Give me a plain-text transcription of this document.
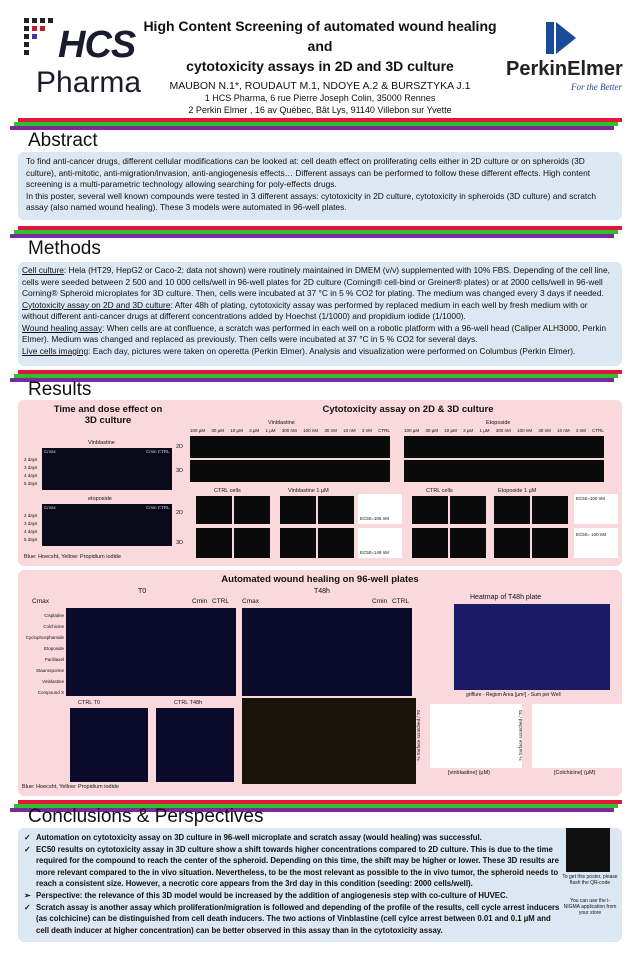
HCS
Pharma
High Content Screening of automated wound healing and
cytotoxicity assays in 2D and 3D culture
MAUBON N.1*, ROUDAUT M.1, NDOYE A.2 & BURSZTYKA J.1
1 HCS Pharma, 6 rue Pierre Joseph Colin, 35000 Rennes
2 Perkin Elmer , 16 av Québec, Bât Lys, 91140 Villebon sur Yvette
PerkinElmer
For the Better
Abstract
To find anti-cancer drugs, different cellular modifications can be looked at: cell death effect on proliferating cells either in 2D culture or on spheroids (3D culture), anti-mitotic, anti-migration/invasion, anti-angiogenesis effects… Different assays can be performed to follow these different effects. High content screening is a multi-parametric technology allowing searching for poly-effects drugs.
In this poster, several well known compounds were tested in 3 different assays: cytotoxicity in 2D culture, cytotoxicity in spheroids (3D culture) and scratch assay (also named wound healing). These 3 models were automated in 96-well plates.
Methods
Cell culture: Hela (HT29, HepG2 or Caco-2: data not shown) were routinely maintained in DMEM (v/v) supplemented with 10% FBS. Depending of the cell line, cells were seeded between 2 500 and 10 000 cells/well in 96-well plates for 2D culture (Corning® cell-bind or Greiner® plates) or at 2000 cells/well in 96-well Corning® Spheroid microplates for 3D culture. Then, cells were incubated at 37 °C in 5 % CO2 for plating. The medium was changed every 3 days if needed.
Cytotoxicity assay on 2D and 3D culture: After 48h of plating, cytotoxicity assay was performed by replaced medium in each well by fresh medium with or without different anti-cancer drugs at different concentrations added by Hoechst (1/1000) and propidium iodide (1/1000).
Wound healing assay: When cells are at confluence, a scratch was performed in each well on a robotic platform with a 96-well head (Caliper ALH3000, Perkin Elmer). Medium was changed and replaced as previously. Then cells were incubated at 37 °C in 5 % CO2 for several days.
Live cells imaging: Each day, pictures were taken on operetta (Perkin Elmer). Analysis and visualization were performed on Columbus (Perkin Elmer).
Results
Time and dose effect on
3D culture
Vinblastine
Cmax	Cmin CTRL
2 days
3 days
4 days
5 days
etoposide
Cmax	Cmin CTRL
2 days
3 days
4 days
5 days
Blue: Hoecsht, Yellow: Propidium iodide
Cytotoxicity assay on 2D & 3D culture
Vinblastine	Etoposide
100 µM 30 µM 10 µM 3 µM 1 µM 300 nM 100 nM 30 nM 10 nM 3 nM CTRL	100 µM 30 µM 10 µM 3 µM 1 µM 300 nM 100 nM 30 nM 10 nM 3 nM CTRL
2D
3D
CTRL cells	Vinblastine 1 µM	CTRL cells	Etoposide 1 µM
2D
3D
EC50=106 nM
EC50=149 nM
EC50=100 nM
EC50= 100 nM
Automated wound healing on 96-well plates
T0	T48h
Cmax	Cmin CTRL Cmax	Cmin CTRL
Cisplatine
Colchicine
Cyclophosphamide
Etoposide
Paclitaxel
Staurosporine
Vinblastine
Compound X
Heatmap of T48h plate
griffure - Region Area [µm²] - Sum per Well
CTRL T0	CTRL T48h
[vinblastine] (µM)	[Colchicine] (µM)
% Surface scratched / T0	% Surface scratched / T0
Blue: Hoecsht, Yellow: Propidium iodide
Conclusions & Perspectives
✓ Automation on cytotoxicity assay on 3D culture in 96-well microplate and scratch assay (would healing) was successful.
✓ EC50 results on cytotoxicity assay in 3D culture show a shift towards higher concentrations compared to 2D culture. This is due to the time required for the compound to reach the center of the spheroid. Depending on this time, the shift may be higher or lower. These 3D results are more relevant compared to the in vivo situation. Nevertheless, to be the most relevant as possible to the in vivo tumor, the spheroid needs to reach a consistent size. However, a necrotic core appears from the 3rd day in this condition (seeding: 2000 cells/well).
➢ Perspective: the relevance of this 3D model would be increased by the addition of angiogenesis step with co-culture of HUVEC.
✓ Scratch assay is another assay which proliferation/migration is followed and depending of the profile of the results, cell cycle arrest inducers (as colchicine) can be distinguished from cell death inducers. The two actions of Vinblastine (cell cylce arrest between 0.01 and 0.1 µM and cell death inducer at higher concentration) can be better observed in this assay than in the cytotoxicity assay.
To get this poster, please flash the QR-code
You can use the i-NIGMA application from your store
